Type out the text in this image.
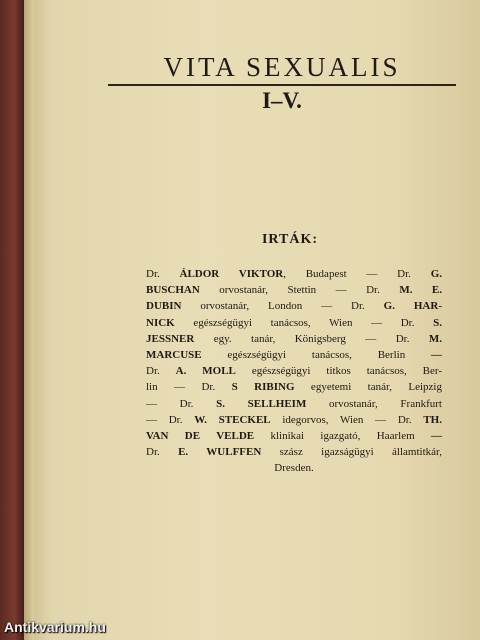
VITA SEXUALIS
I–V.
IRTÁK:
Dr. ÁLDOR VIKTOR, Budapest — Dr. G.
BUSCHAN orvostanár, Stettin — Dr. M. E.
DUBIN orvostanár, London — Dr. G. HAR-
NICK egészségügyi tanácsos, Wien — Dr. S.
JESSNER egy. tanár, Königsberg — Dr. M.
MARCUSE egészségügyi tanácsos, Berlin —
Dr. A. MOLL egészségügyi titkos tanácsos, Ber-
lin — Dr. S RIBING egyetemi tanár, Leipzig
— Dr. S. SELLHEIM orvostanár, Frankfurt
— Dr. W. STECKEL idegorvos, Wien — Dr. TH.
VAN DE VELDE klinikai igazgató, Haarlem —
Dr. E. WULFFEN szász igazságügyi államtitkár,
Dresden.
Antikvarium.hu
